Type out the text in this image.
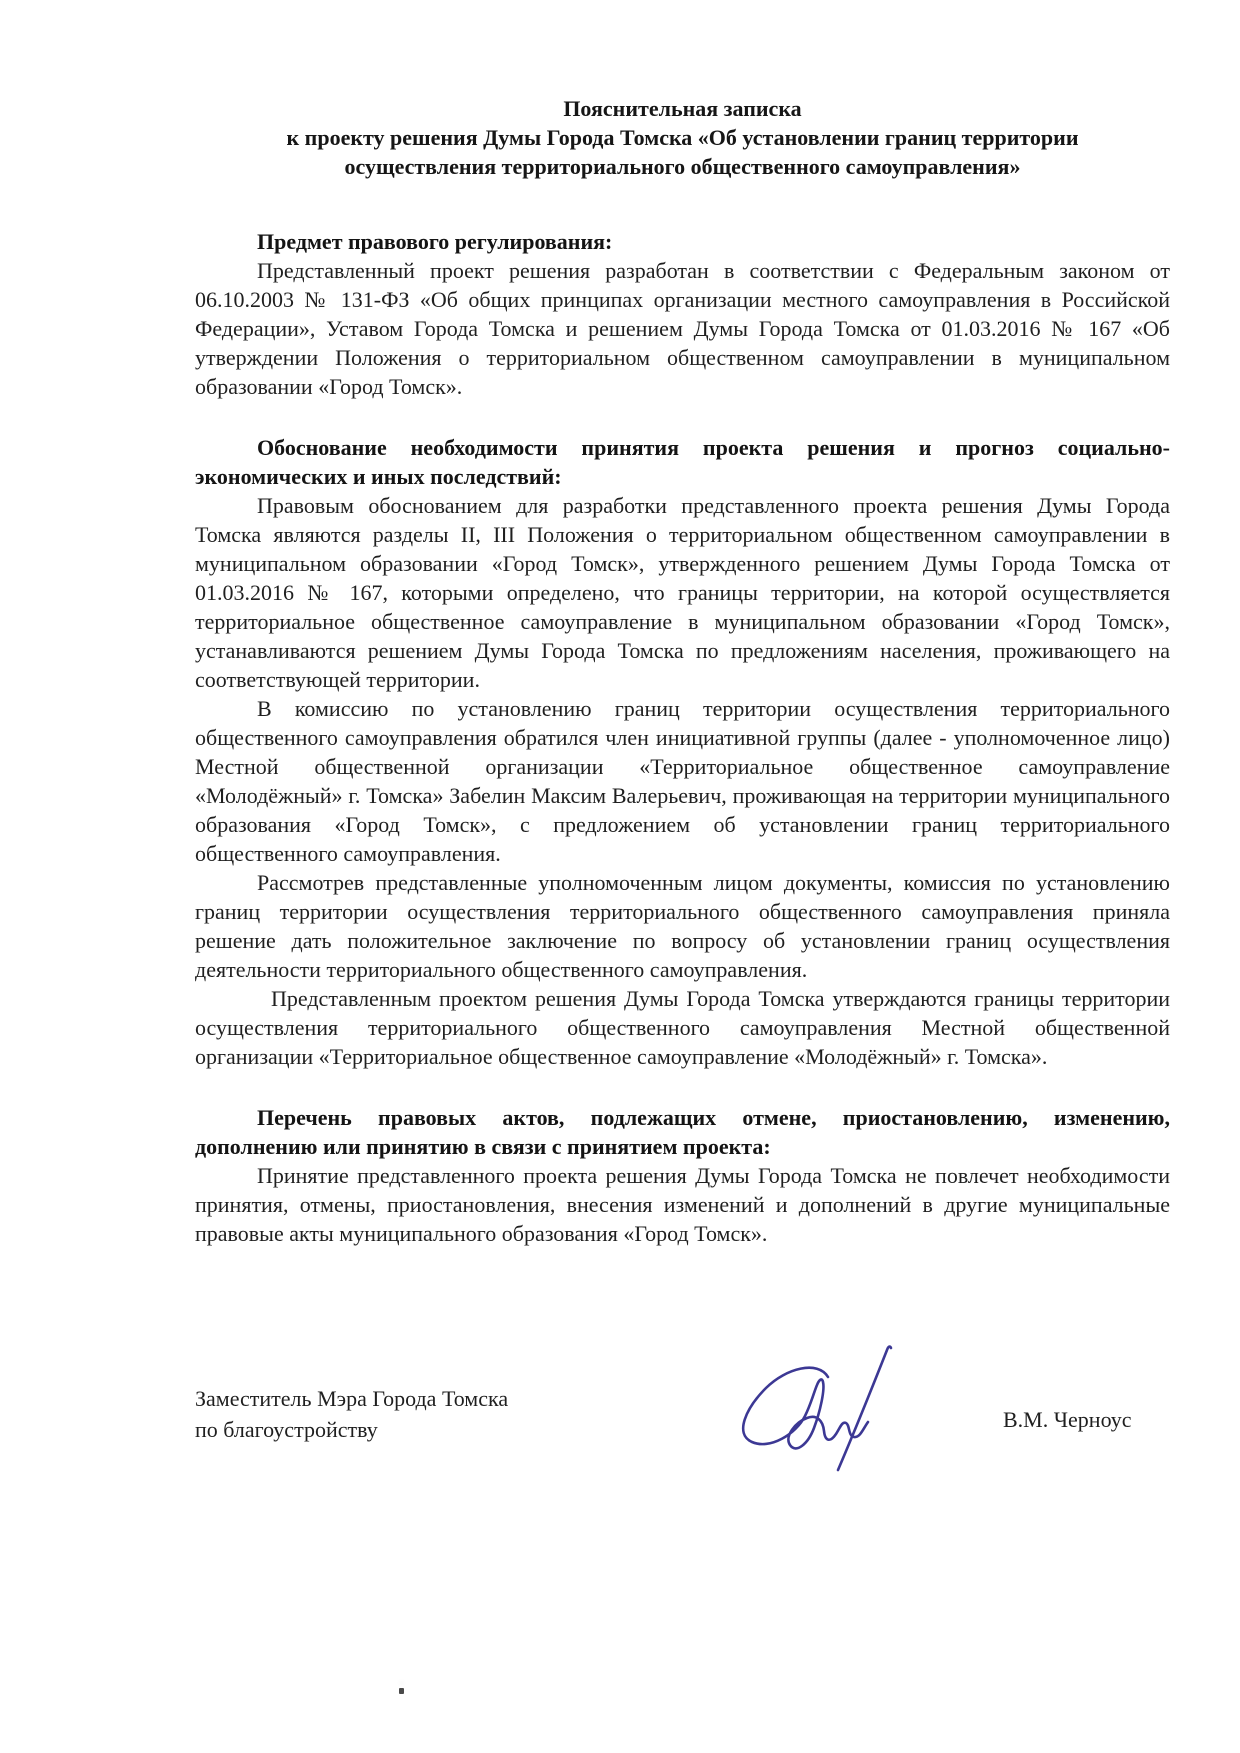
Пояснительная записка
к проекту решения Думы Города Томска «Об установлении границ территории
осуществления территориального общественного самоуправления»
Предмет правового регулирования:

Представленный проект решения разработан в соответствии с Федеральным законом от 06.10.2003 № 131-ФЗ «Об общих принципах организации местного самоуправления в Российской Федерации», Уставом Города Томска и решением Думы Города Томска от 01.03.2016 № 167 «Об утверждении Положения о территориальном общественном самоуправлении в муниципальном образовании «Город Томск».

Обоснование необходимости принятия проекта решения и прогноз социально-экономических и иных последствий:

Правовым обоснованием для разработки представленного проекта решения Думы Города Томска являются разделы II, III Положения о территориальном общественном самоуправлении в муниципальном образовании «Город Томск», утвержденного решением Думы Города Томска от 01.03.2016 № 167, которыми определено, что границы территории, на которой осуществляется территориальное общественное самоуправление в муниципальном образовании «Город Томск», устанавливаются решением Думы Города Томска по предложениям населения, проживающего на соответствующей территории.

В комиссию по установлению границ территории осуществления территориального общественного самоуправления обратился член инициативной группы (далее - уполномоченное лицо) Местной общественной организации «Территориальное общественное самоуправление «Молодёжный» г. Томска» Забелин Максим Валерьевич, проживающая на территории муниципального образования «Город Томск», с предложением об установлении границ территориального общественного самоуправления.

Рассмотрев представленные уполномоченным лицом документы, комиссия по установлению границ территории осуществления территориального общественного самоуправления приняла решение дать положительное заключение по вопросу об установлении границ осуществления деятельности территориального общественного самоуправления.

Представленным проектом решения Думы Города Томска утверждаются границы территории осуществления территориального общественного самоуправления Местной общественной организации «Территориальное общественное самоуправление «Молодёжный» г. Томска».

Перечень правовых актов, подлежащих отмене, приостановлению, изменению, дополнению или принятию в связи с принятием проекта:

Принятие представленного проекта решения Думы Города Томска не повлечет необходимости принятия, отмены, приостановления, внесения изменений и дополнений в другие муниципальные правовые акты муниципального образования «Город Томск».

Заместитель Мэра Города Томска
по благоустройству	В.М. Черноус
